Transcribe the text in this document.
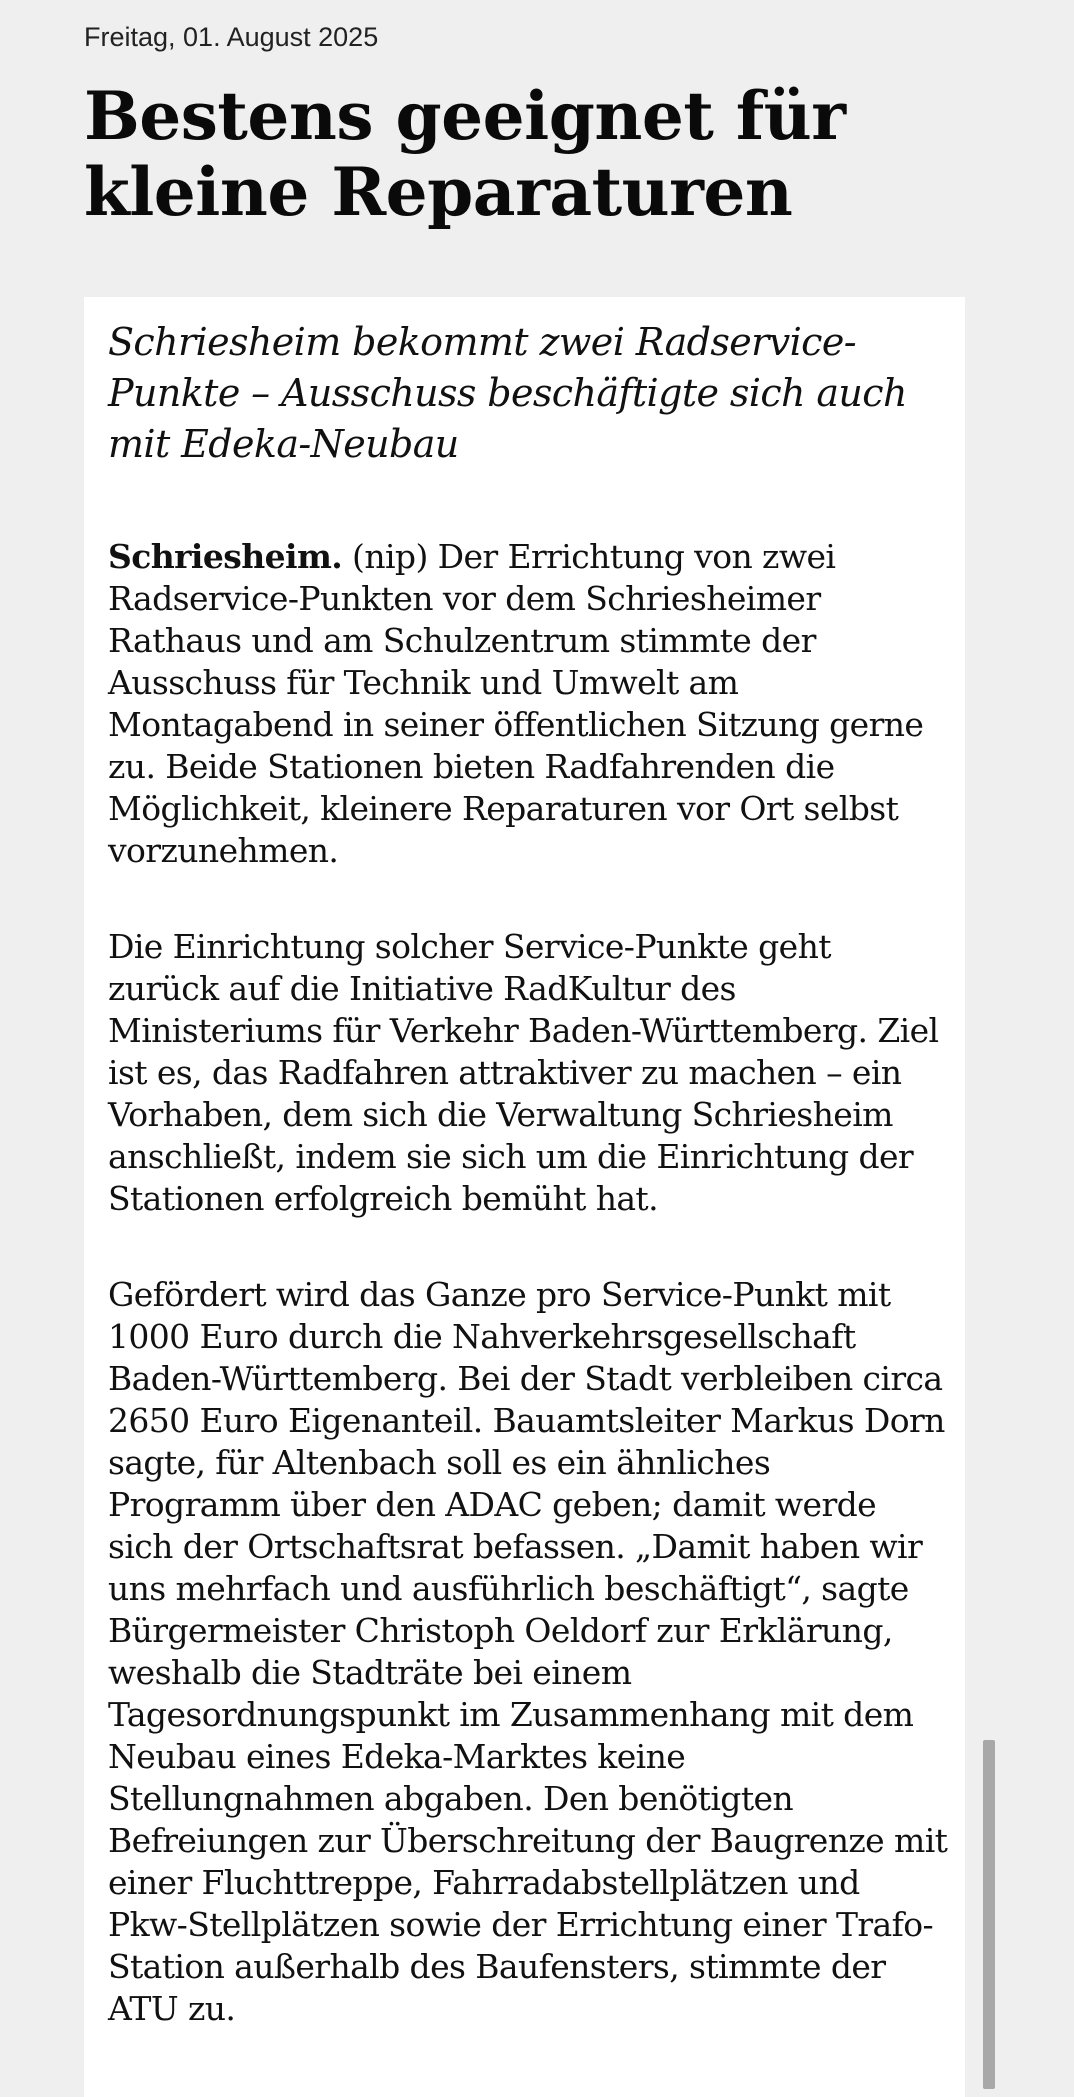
Freitag, 01. August 2025

Bestens geeignet für kleine Reparaturen
Schriesheim bekommt zwei Radservice-Punkte – Ausschuss beschäftigte sich auch mit Edeka-Neubau

Schriesheim. (nip) Der Errichtung von zwei Radservice-Punkten vor dem Schriesheimer Rathaus und am Schulzentrum stimmte der Ausschuss für Technik und Umwelt am Montagabend in seiner öffentlichen Sitzung gerne zu. Beide Stationen bieten Radfahrenden die Möglichkeit, kleinere Reparaturen vor Ort selbst vorzunehmen.

Die Einrichtung solcher Service-Punkte geht zurück auf die Initiative RadKultur des Ministeriums für Verkehr Baden-Württemberg. Ziel ist es, das Radfahren attraktiver zu machen – ein Vorhaben, dem sich die Verwaltung Schriesheim anschließt, indem sie sich um die Einrichtung der Stationen erfolgreich bemüht hat.

Gefördert wird das Ganze pro Service-Punkt mit 1000 Euro durch die Nahverkehrsgesellschaft Baden-Württemberg. Bei der Stadt verbleiben circa 2650 Euro Eigenanteil. Bauamtsleiter Markus Dorn sagte, für Altenbach soll es ein ähnliches Programm über den ADAC geben; damit werde sich der Ortschaftsrat befassen. „Damit haben wir uns mehrfach und ausführlich beschäftigt“, sagte Bürgermeister Christoph Oeldorf zur Erklärung, weshalb die Stadträte bei einem Tagesordnungspunkt im Zusammenhang mit dem Neubau eines Edeka-Marktes keine Stellungnahmen abgaben. Den benötigten Befreiungen zur Überschreitung der Baugrenze mit einer Fluchttreppe, Fahrradabstellplätzen und Pkw-Stellplätzen sowie der Errichtung einer Trafo-Station außerhalb des Baufensters, stimmte der ATU zu.
